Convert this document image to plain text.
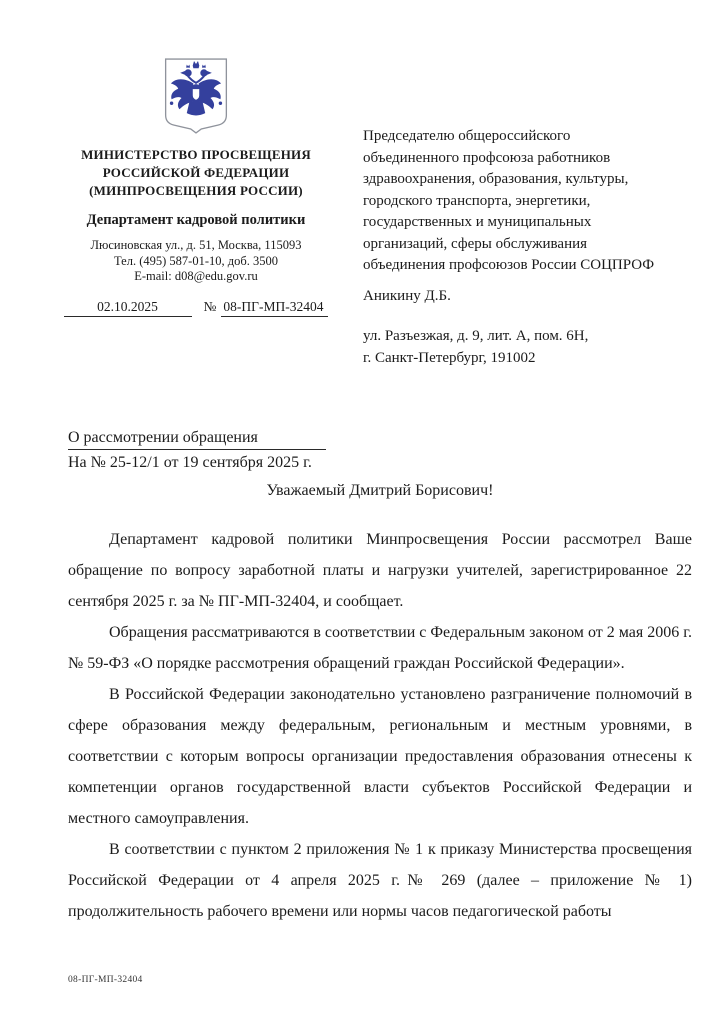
МИНИСТЕРСТВО ПРОСВЕЩЕНИЯ
РОССИЙСКОЙ ФЕДЕРАЦИИ
(МИНПРОСВЕЩЕНИЯ РОССИИ)
Департамент кадровой политики
Люсиновская ул., д. 51, Москва, 115093
Тел. (495) 587-01-10, доб. 3500
E-mail: d08@edu.gov.ru
02.10.2025	№ 08-ПГ-МП-32404
Председателю общероссийского
объединенного профсоюза работников
здравоохранения, образования, культуры,
городского транспорта, энергетики,
государственных и муниципальных
организаций, сферы обслуживания
объединения профсоюзов России СОЦПРОФ
Аникину Д.Б.
ул. Разъезжая, д. 9, лит. А, пом. 6Н,
г. Санкт-Петербург, 191002
О рассмотрении обращения
На № 25-12/1 от 19 сентября 2025 г.
Уважаемый Дмитрий Борисович!

Департамент кадровой политики Минпросвещения России рассмотрел Ваше обращение по вопросу заработной платы и нагрузки учителей, зарегистрированное 22 сентября 2025 г. за № ПГ-МП-32404, и сообщает.

Обращения рассматриваются в соответствии с Федеральным законом от 2 мая 2006 г. № 59-ФЗ «О порядке рассмотрения обращений граждан Российской Федерации».

В Российской Федерации законодательно установлено разграничение полномочий в сфере образования между федеральным, региональным и местным уровнями, в соответствии с которым вопросы организации предоставления образования отнесены к компетенции органов государственной власти субъектов Российской Федерации и местного самоуправления.

В соответствии с пунктом 2 приложения № 1 к приказу Министерства просвещения Российской Федерации от 4 апреля 2025 г.№ 269 (далее – приложение № 1) продолжительность рабочего времени или нормы часов педагогической работы

08-ПГ-МП-32404
